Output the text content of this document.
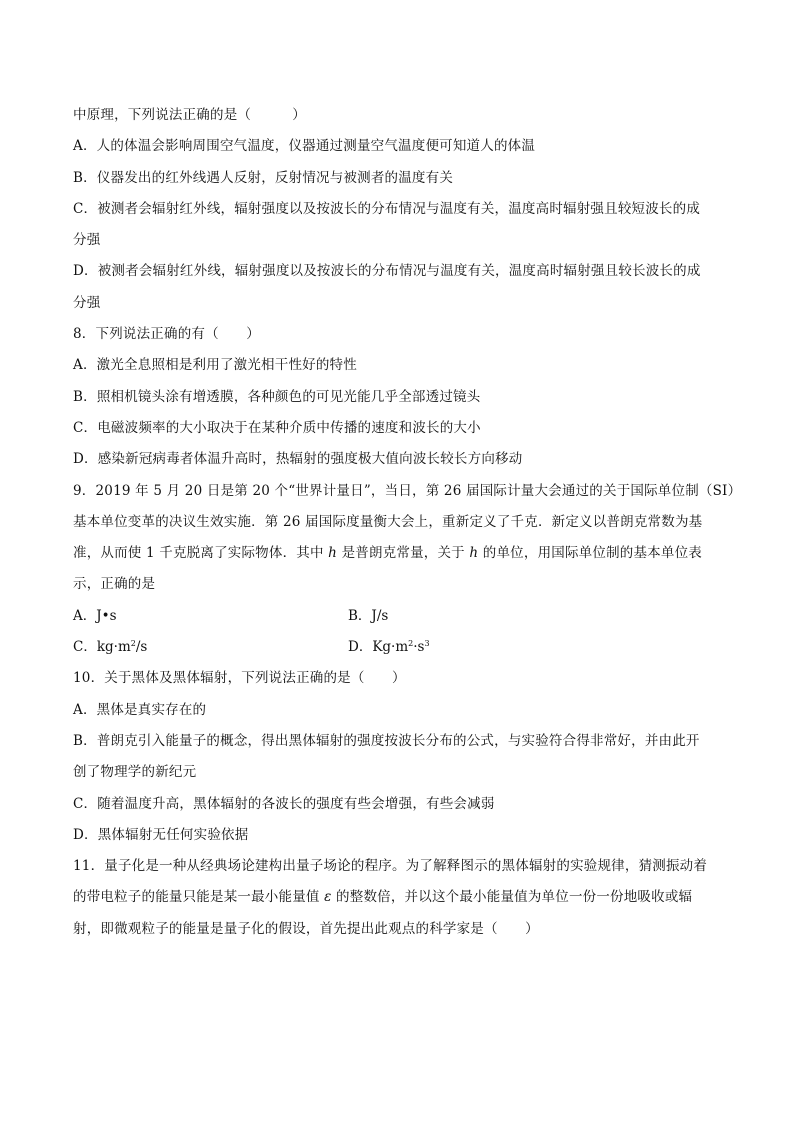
中原理，下列说法正确的是（　　　）
A．人的体温会影响周围空气温度，仪器通过测量空气温度便可知道人的体温
B．仪器发出的红外线遇人反射，反射情况与被测者的温度有关
C．被测者会辐射红外线，辐射强度以及按波长的分布情况与温度有关，温度高时辐射强且较短波长的成
分强
D．被测者会辐射红外线，辐射强度以及按波长的分布情况与温度有关，温度高时辐射强且较长波长的成
分强
8．下列说法正确的有（　　）
A．激光全息照相是利用了激光相干性好的特性
B．照相机镜头涂有增透膜，各种颜色的可见光能几乎全部透过镜头
C．电磁波频率的大小取决于在某种介质中传播的速度和波长的大小
D．感染新冠病毒者体温升高时，热辐射的强度极大值向波长较长方向移动
9．2019 年 5 月 20 日是第 20 个“世界计量日”，当日，第 26 届国际计量大会通过的关于国际单位制（SI）
基本单位变革的决议生效实施．第 26 届国际度量衡大会上，重新定义了千克．新定义以普朗克常数为基
准，从而使 1 千克脱离了实际物体．其中 h 是普朗克常量，关于 h 的单位，用国际单位制的基本单位表
示，正确的是
A．J•s	B．J/s
C．$kg\cdot m^2/s$	D．$Kg\cdot m^2\cdot s^3$
10．关于黑体及黑体辐射，下列说法正确的是（　　）
A．黑体是真实存在的
B．普朗克引入能量子的概念，得出黑体辐射的强度按波长分布的公式，与实验符合得非常好，并由此开
创了物理学的新纪元
C．随着温度升高，黑体辐射的各波长的强度有些会增强，有些会减弱
D．黑体辐射无任何实验依据
11．量子化是一种从经典场论建构出量子场论的程序。为了解释图示的黑体辐射的实验规律，猜测振动着
的带电粒子的能量只能是某一最小能量值 ε 的整数倍，并以这个最小能量值为单位一份一份地吸收或辐
射，即微观粒子的能量是量子化的假设，首先提出此观点的科学家是（　　）
